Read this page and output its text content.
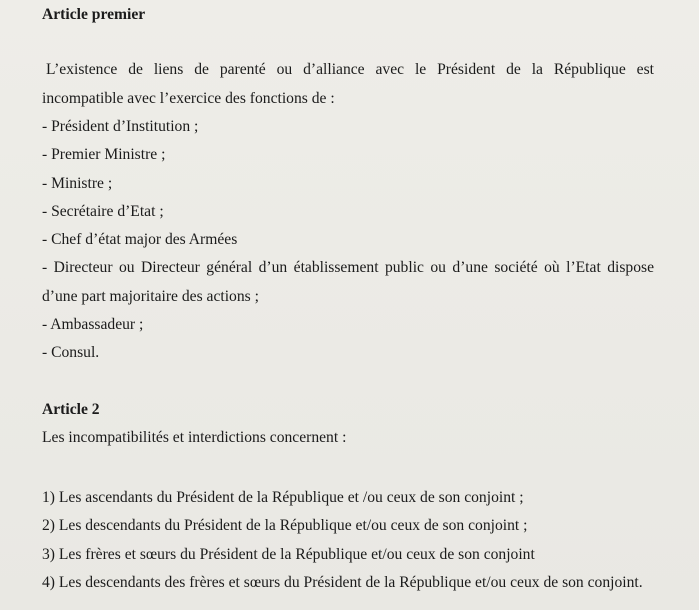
Article premier

L’existence de liens de parenté ou d’alliance avec le Président de la République est

incompatible avec l’exercice des fonctions de :

- Président d’Institution ;

- Premier Ministre ;

- Ministre ;

- Secrétaire d’Etat ;

- Chef d’état major des Armées

- Directeur ou Directeur général d’un établissement public ou d’une société où l’Etat dispose

d’une part majoritaire des actions ;

- Ambassadeur ;

- Consul.

Article 2

Les incompatibilités et interdictions concernent :

1) Les ascendants du Président de la République et /ou ceux de son conjoint ;

2) Les descendants du Président de la République et/ou ceux de son conjoint ;

3) Les frères et sœurs du Président de la République et/ou ceux de son conjoint

4) Les descendants des frères et sœurs du Président de la République et/ou ceux de son conjoint.
